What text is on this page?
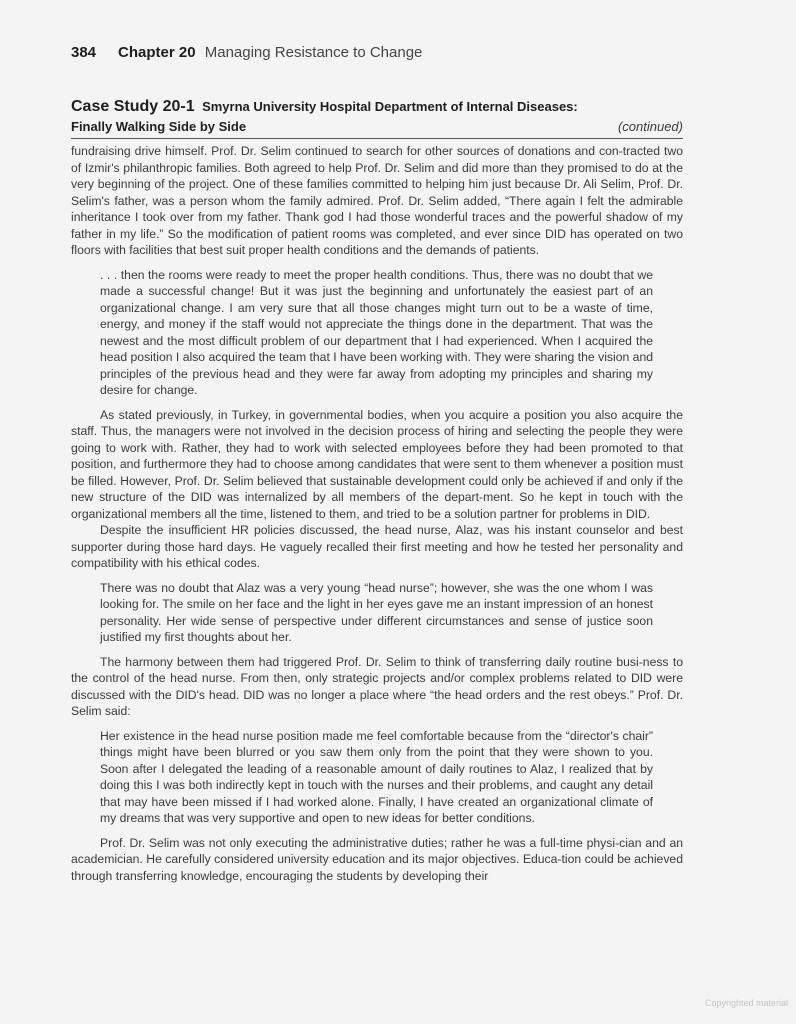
384 Chapter 20 Managing Resistance to Change
Case Study 20-1 Smyrna University Hospital Department of Internal Diseases:
Finally Walking Side by Side	(continued)

fundraising drive himself. Prof. Dr. Selim continued to search for other sources of donations and con-tracted two of Izmir's philanthropic families. Both agreed to help Prof. Dr. Selim and did more than they promised to do at the very beginning of the project. One of these families committed to helping him just because Dr. Ali Selim, Prof. Dr. Selim's father, was a person whom the family admired. Prof. Dr. Selim added, “There again I felt the admirable inheritance I took over from my father. Thank god I had those wonderful traces and the powerful shadow of my father in my life.” So the modification of patient rooms was completed, and ever since DID has operated on two floors with facilities that best suit proper health conditions and the demands of patients.

. . . then the rooms were ready to meet the proper health conditions. Thus, there was no doubt that we made a successful change! But it was just the beginning and unfortunately the easiest part of an organizational change. I am very sure that all those changes might turn out to be a waste of time, energy, and money if the staff would not appreciate the things done in the department. That was the newest and the most difficult problem of our department that I had experienced. When I acquired the head position I also acquired the team that I have been working with. They were sharing the vision and principles of the previous head and they were far away from adopting my principles and sharing my desire for change.

As stated previously, in Turkey, in governmental bodies, when you acquire a position you also acquire the staff. Thus, the managers were not involved in the decision process of hiring and selecting the people they were going to work with. Rather, they had to work with selected employees before they had been promoted to that position, and furthermore they had to choose among candidates that were sent to them whenever a position must be filled. However, Prof. Dr. Selim believed that sustainable development could only be achieved if and only if the new structure of the DID was internalized by all members of the depart-ment. So he kept in touch with the organizational members all the time, listened to them, and tried to be a solution partner for problems in DID.

Despite the insufficient HR policies discussed, the head nurse, Alaz, was his instant counselor and best supporter during those hard days. He vaguely recalled their first meeting and how he tested her personality and compatibility with his ethical codes.

There was no doubt that Alaz was a very young “head nurse”; however, she was the one whom I was looking for. The smile on her face and the light in her eyes gave me an instant impression of an honest personality. Her wide sense of perspective under different circumstances and sense of justice soon justified my first thoughts about her.

The harmony between them had triggered Prof. Dr. Selim to think of transferring daily routine busi-ness to the control of the head nurse. From then, only strategic projects and/or complex problems related to DID were discussed with the DID's head. DID was no longer a place where “the head orders and the rest obeys.” Prof. Dr. Selim said:

Her existence in the head nurse position made me feel comfortable because from the “director's chair” things might have been blurred or you saw them only from the point that they were shown to you. Soon after I delegated the leading of a reasonable amount of daily routines to Alaz, I realized that by doing this I was both indirectly kept in touch with the nurses and their problems, and caught any detail that may have been missed if I had worked alone. Finally, I have created an organizational climate of my dreams that was very supportive and open to new ideas for better conditions.

Prof. Dr. Selim was not only executing the administrative duties; rather he was a full-time physi-cian and an academician. He carefully considered university education and its major objectives. Educa-tion could be achieved through transferring knowledge, encouraging the students by developing their

Copyrighted material
